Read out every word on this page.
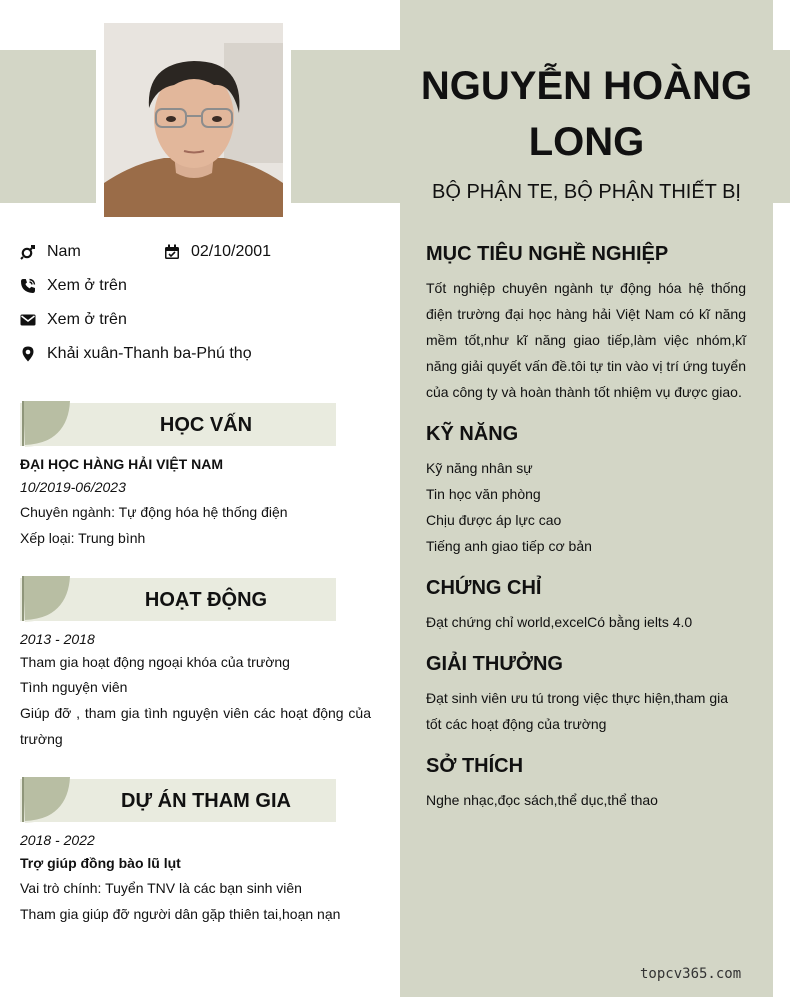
NGUYỄN HOÀNG LONG
BỘ PHẬN TE, BỘ PHẬN THIẾT BỊ
Nam	02/10/2001
Xem ở trên
Xem ở trên
Khải xuân-Thanh ba-Phú thọ
HỌC VẤN
ĐẠI HỌC HÀNG HẢI VIỆT NAM
10/2019-06/2023
Chuyên ngành: Tự động hóa hệ thống điện
Xếp loại: Trung bình
HOẠT ĐỘNG
2013 - 2018
Tham gia hoạt động ngoại khóa của trường
Tình nguyện viên
Giúp đỡ , tham gia tình nguyện viên các hoạt động của trường
DỰ ÁN THAM GIA
2018 - 2022
Trợ giúp đồng bào lũ lụt
Vai trò chính: Tuyển TNV là các bạn sinh viên
Tham gia giúp đỡ người dân gặp thiên tai,hoạn nạn
MỤC TIÊU NGHỀ NGHIỆP
Tốt nghiệp chuyên ngành tự động hóa hệ thống điện trường đại học hàng hải Việt Nam có kĩ năng mềm tốt,như kĩ năng giao tiếp,làm việc nhóm,kĩ năng giải quyết vấn đề.tôi tự tin vào vị trí ứng tuyển của công ty và hoàn thành tốt nhiệm vụ được giao.
KỸ NĂNG
Kỹ năng nhân sự
Tin học văn phòng
Chịu được áp lực cao
Tiếng anh giao tiếp cơ bản
CHỨNG CHỈ
Đạt chứng chỉ world,excelCó bằng ielts 4.0
GIẢI THƯỞNG
Đạt sinh viên ưu tú trong việc thực hiện,tham gia tốt các hoạt động của trường
SỞ THÍCH
Nghe nhạc,đọc sách,thể dục,thể thao
topcv365.com
